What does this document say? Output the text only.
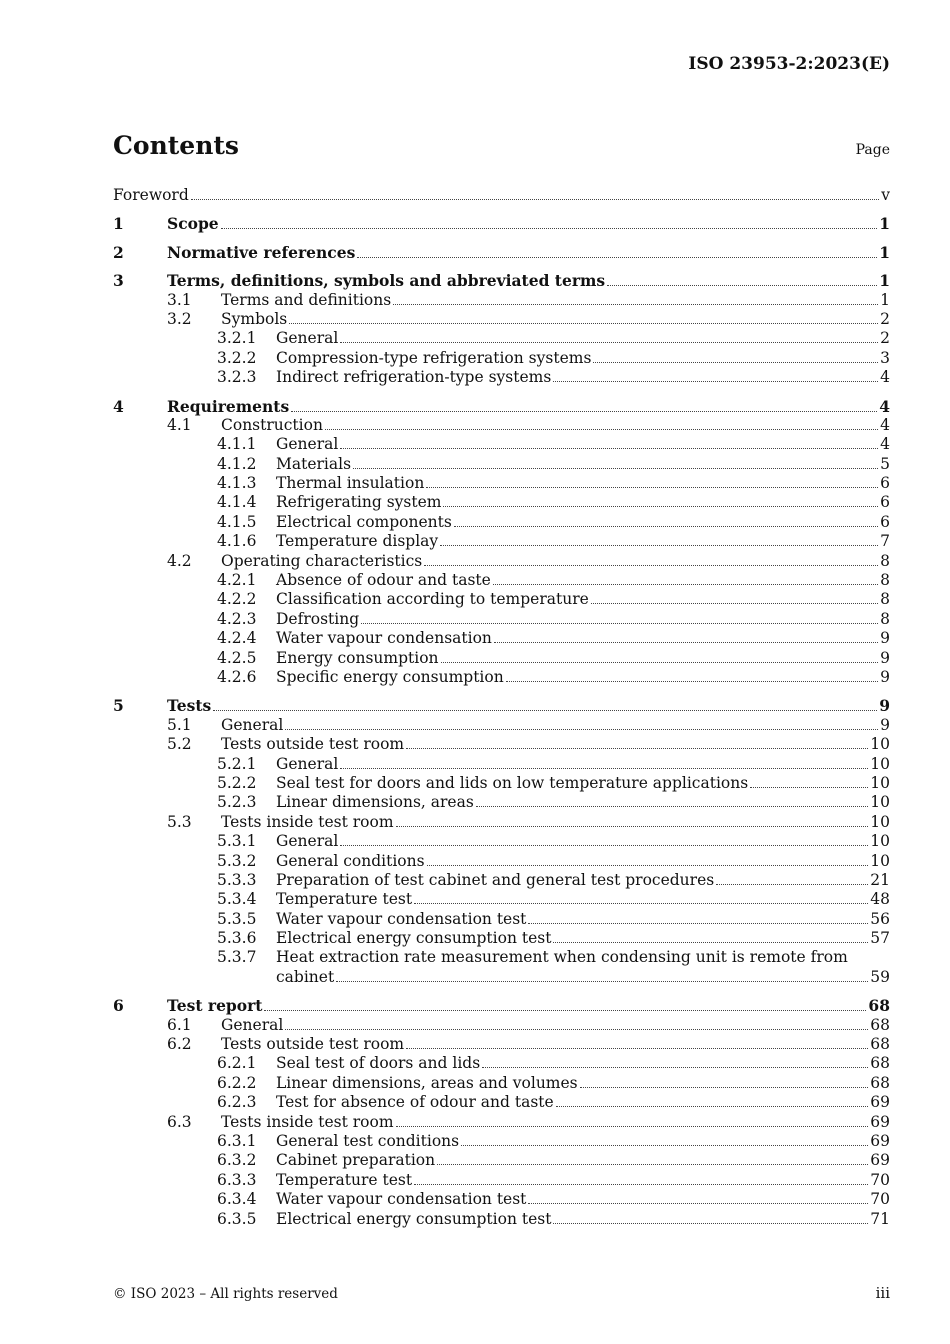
ISO 23953-2:2023(E)
Contents	Page
Foreword	v
1	Scope	1
2	Normative references	1
3	Terms, definitions, symbols and abbreviated terms	1
3.1 Terms and definitions	1
3.2 Symbols	2
3.2.1 General	2
3.2.2 Compression-type refrigeration systems	3
3.2.3 Indirect refrigeration-type systems	4
4	Requirements	4
4.1 Construction	4
4.1.1 General	4
4.1.2 Materials	5
4.1.3 Thermal insulation	6
4.1.4 Refrigerating system	6
4.1.5 Electrical components	6
4.1.6 Temperature display	7
4.2 Operating characteristics	8
4.2.1 Absence of odour and taste	8
4.2.2 Classification according to temperature	8
4.2.3 Defrosting	8
4.2.4 Water vapour condensation	9
4.2.5 Energy consumption	9
4.2.6 Specific energy consumption	9
5	Tests	9
5.1 General	9
5.2 Tests outside test room	10
5.2.1 General	10
5.2.2 Seal test for doors and lids on low temperature applications	10
5.2.3 Linear dimensions, areas	10
5.3 Tests inside test room	10
5.3.1 General	10
5.3.2 General conditions	10
5.3.3 Preparation of test cabinet and general test procedures	21
5.3.4 Temperature test	48
5.3.5 Water vapour condensation test	56
5.3.6 Electrical energy consumption test	57
5.3.7 Heat extraction rate measurement when condensing unit is remote from
cabinet	59
6	Test report	68
6.1 General	68
6.2 Tests outside test room	68
6.2.1 Seal test of doors and lids	68
6.2.2 Linear dimensions, areas and volumes	68
6.2.3 Test for absence of odour and taste	69
6.3 Tests inside test room	69
6.3.1 General test conditions	69
6.3.2 Cabinet preparation	69
6.3.3 Temperature test	70
6.3.4 Water vapour condensation test	70
6.3.5 Electrical energy consumption test	71
© ISO 2023 – All rights reserved	iii
